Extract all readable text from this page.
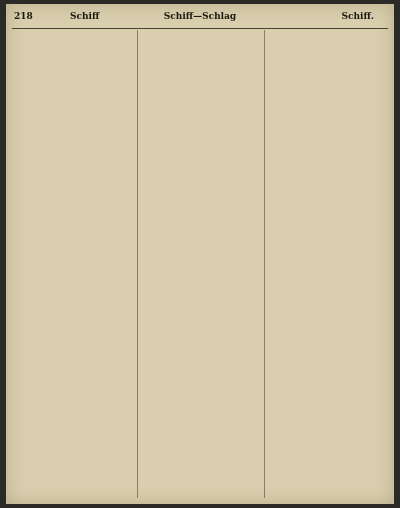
218	Schiff	Schiff—Schlag	Schiff.
